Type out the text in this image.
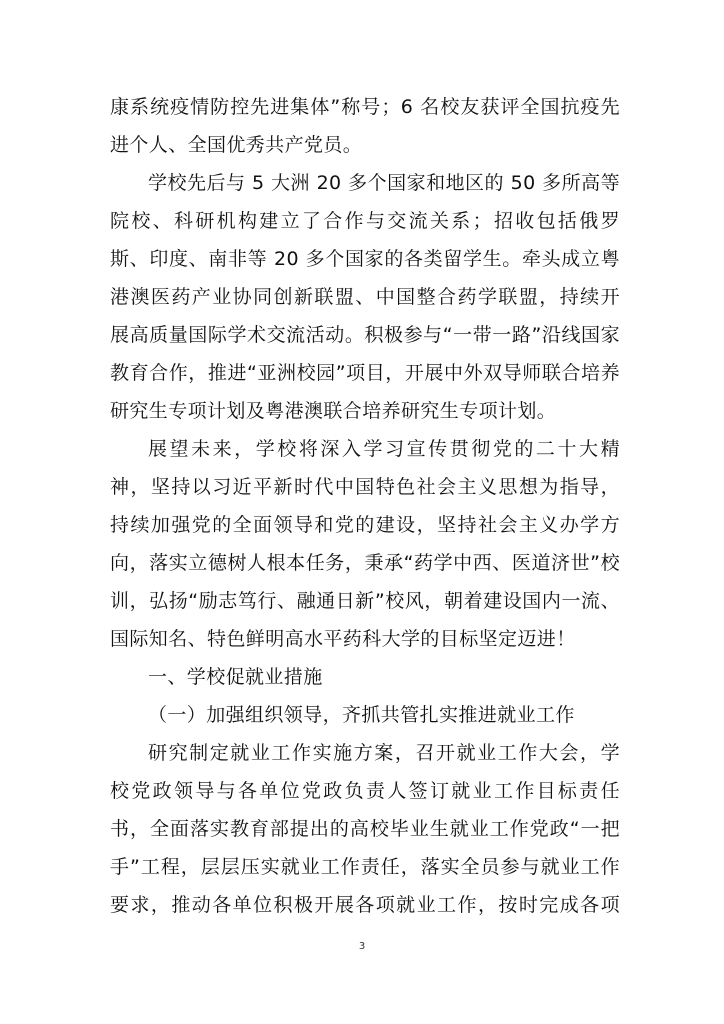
康系统疫情防控先进集体”称号；6 名校友获评全国抗疫先
进个人、全国优秀共产党员。
学校先后与 5 大洲 20 多个国家和地区的 50 多所高等
院校、科研机构建立了合作与交流关系；招收包括俄罗
斯、印度、南非等 20 多个国家的各类留学生。牵头成立粤
港澳医药产业协同创新联盟、中国整合药学联盟，持续开
展高质量国际学术交流活动。积极参与“一带一路”沿线国家
教育合作，推进“亚洲校园”项目，开展中外双导师联合培养
研究生专项计划及粤港澳联合培养研究生专项计划。
展望未来，学校将深入学习宣传贯彻党的二十大精
神，坚持以习近平新时代中国特色社会主义思想为指导，
持续加强党的全面领导和党的建设，坚持社会主义办学方
向，落实立德树人根本任务，秉承“药学中西、医道济世”校
训，弘扬“励志笃行、融通日新”校风，朝着建设国内一流、
国际知名、特色鲜明高水平药科大学的目标坚定迈进！
一、学校促就业措施
（一）加强组织领导，齐抓共管扎实推进就业工作
研究制定就业工作实施方案，召开就业工作大会，学
校党政领导与各单位党政负责人签订就业工作目标责任
书，全面落实教育部提出的高校毕业生就业工作党政“一把
手”工程，层层压实就业工作责任，落实全员参与就业工作
要求，推动各单位积极开展各项就业工作，按时完成各项
3
